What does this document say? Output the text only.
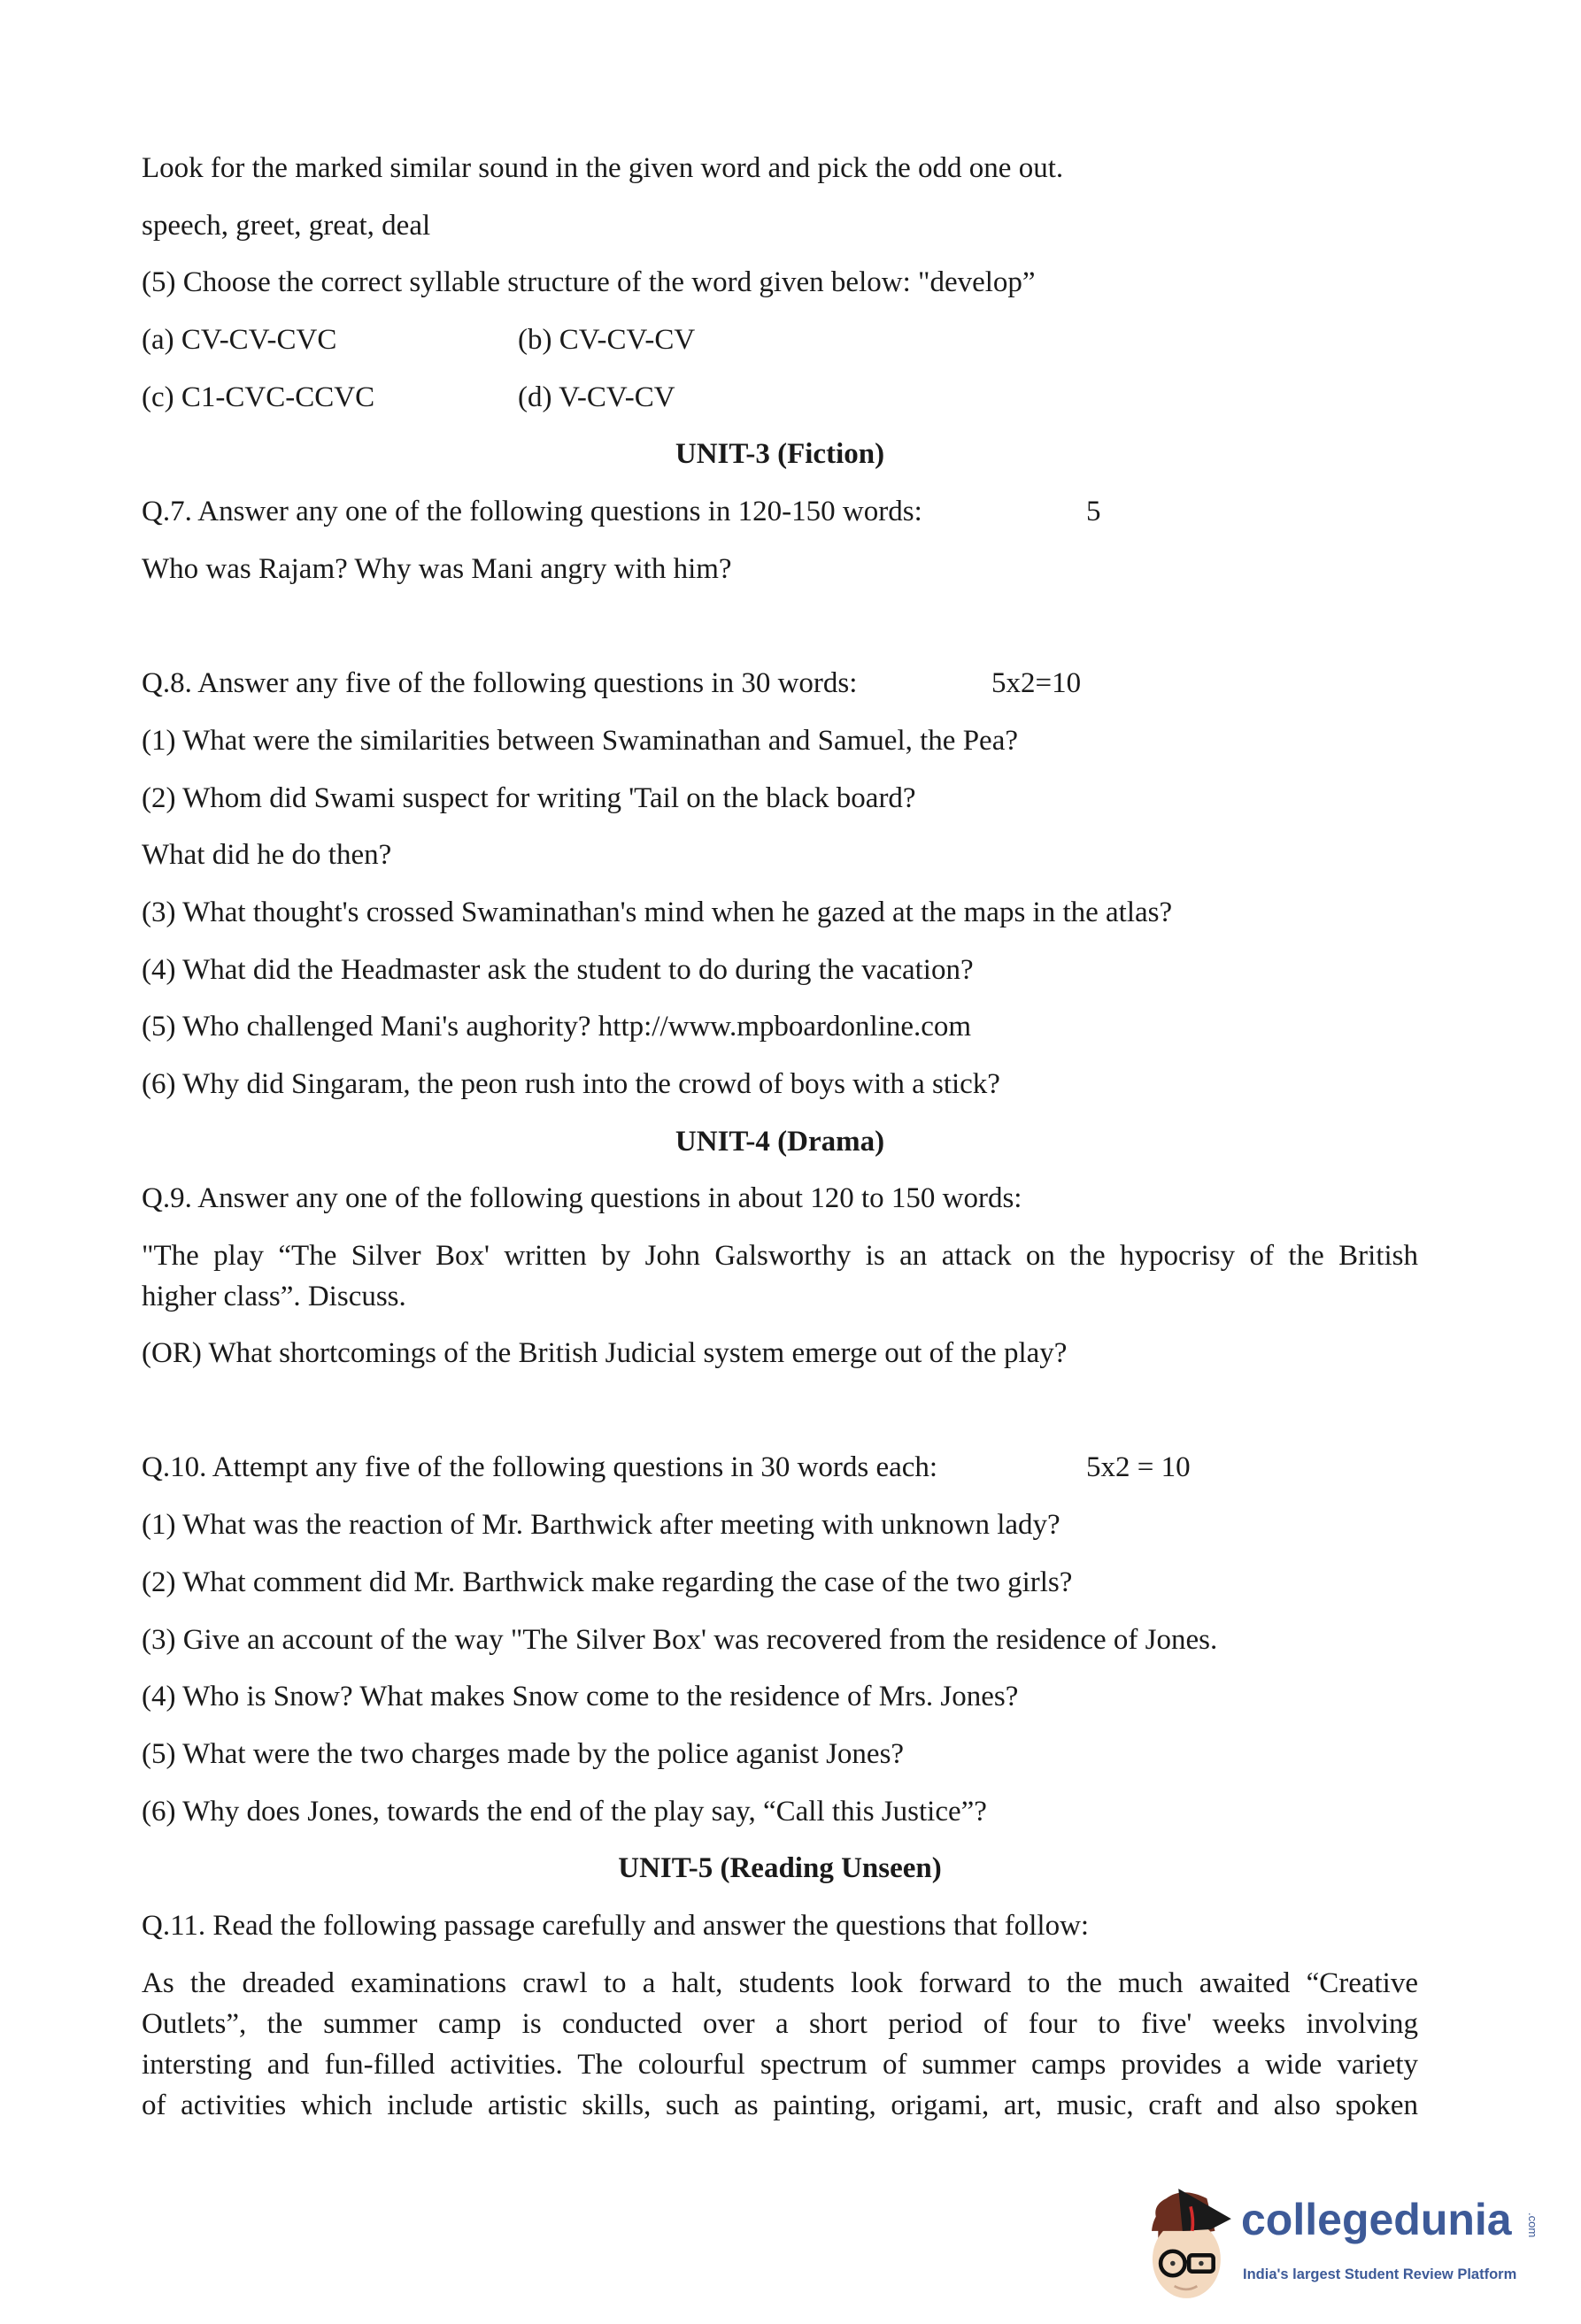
Look for the marked similar sound in the given word and pick the odd one out.
speech, greet, great, deal
(5) Choose the correct syllable structure of the word given below: "develop”
(a) CV-CV-CVC	(b) CV-CV-CV
(c) C1-CVC-CCVC	(d) V-CV-CV
UNIT-3 (Fiction)
Q.7. Answer any one of the following questions in 120-150 words:	5
Who was Rajam? Why was Mani angry with him?
Q.8. Answer any five of the following questions in 30 words:	5x2=10
(1) What were the similarities between Swaminathan and Samuel, the Pea?
(2) Whom did Swami suspect for writing 'Tail on the black board?
What did he do then?
(3) What thought's crossed Swaminathan's mind when he gazed at the maps in the atlas?
(4) What did the Headmaster ask the student to do during the vacation?
(5) Who challenged Mani's aughority? http://www.mpboardonline.com
(6) Why did Singaram, the peon rush into the crowd of boys with a stick?
UNIT-4 (Drama)
Q.9. Answer any one of the following questions in about 120 to 150 words:
"The play “The Silver Box' written by John Galsworthy is an attack on the hypocrisy of the British
higher class”. Discuss.
(OR) What shortcomings of the British Judicial system emerge out of the play?
Q.10. Attempt any five of the following questions in 30 words each:	5x2 = 10
(1) What was the reaction of Mr. Barthwick after meeting with unknown lady?
(2) What comment did Mr. Barthwick make regarding the case of the two girls?
(3) Give an account of the way "The Silver Box' was recovered from the residence of Jones.
(4) Who is Snow? What makes Snow come to the residence of Mrs. Jones?
(5) What were the two charges made by the police aganist Jones?
(6) Why does Jones, towards the end of the play say, “Call this Justice”?
UNIT-5 (Reading Unseen)
Q.11. Read the following passage carefully and answer the questions that follow:
As the dreaded examinations crawl to a halt, students look forward to the much awaited “Creative
Outlets”, the summer camp is conducted over a short period of four to five' weeks involving
intersting and fun-filled activities. The colourful spectrum of summer camps provides a wide variety
of activities which include artistic skills, such as painting, origami, art, music, craft and also spoken
collegedunia .com
India's largest Student Review Platform
